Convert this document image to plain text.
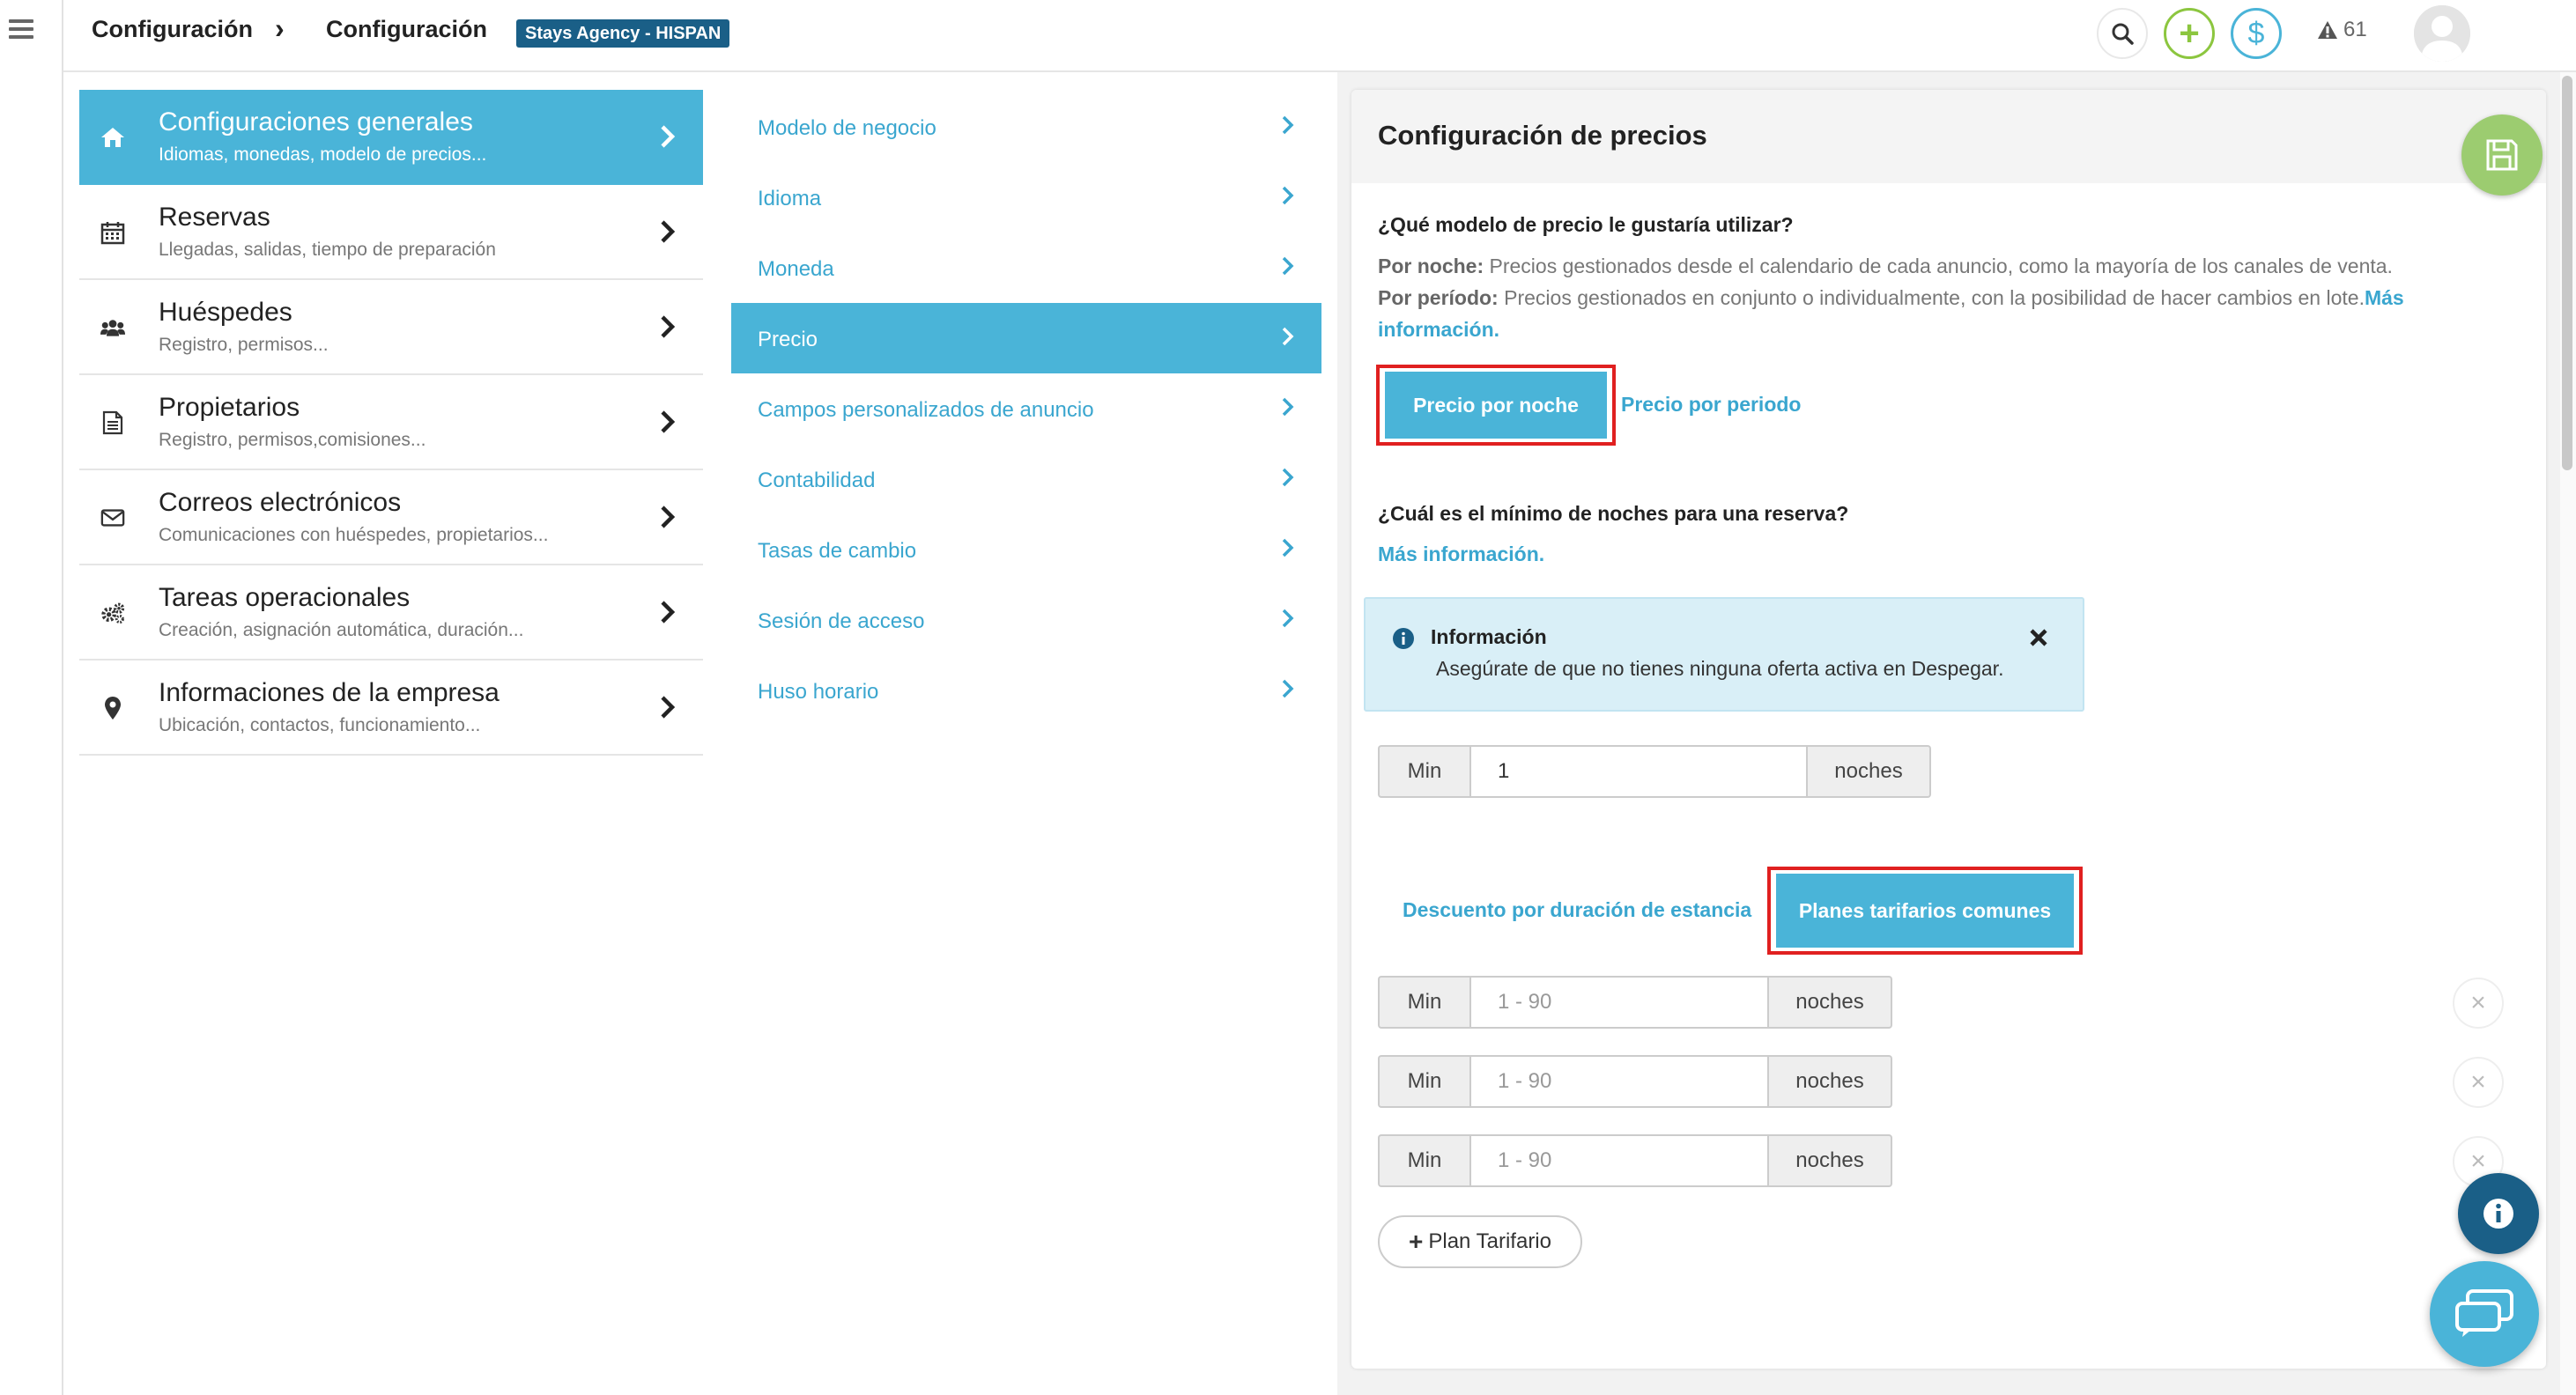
Configuración › Configuración	Stays Agency - HISPAN	+ $	61
Configuraciones generales
Idiomas, monedas, modelo de precios...
Reservas
Llegadas, salidas, tiempo de preparación
Huéspedes
Registro, permisos...
Propietarios
Registro, permisos,comisiones...
Correos electrónicos
Comunicaciones con huéspedes, propietarios...
Tareas operacionales
Creación, asignación automática, duración...
Informaciones de la empresa
Ubicación, contactos, funcionamiento...
Modelo de negocio
Idioma
Moneda
Precio
Campos personalizados de anuncio
Contabilidad
Tasas de cambio
Sesión de acceso
Huso horario
Configuración de precios
¿Qué modelo de precio le gustaría utilizar?
Por noche: Precios gestionados desde el calendario de cada anuncio, como la mayoría de los canales de venta.
Por período: Precios gestionados en conjunto o individualmente, con la posibilidad de hacer cambios en lote.Más información.
Precio por noche	Precio por periodo
¿Cuál es el mínimo de noches para una reserva?
Más información.
Información
Asegúrate de que no tienes ninguna oferta activa en Despegar.
Min
1	noches
Descuento por duración de estancia	Planes tarifarios comunes
Min
1 - 90	noches	×
Min
1 - 90	noches	×
Min
1 - 90	noches	×
+ Plan Tarifario
